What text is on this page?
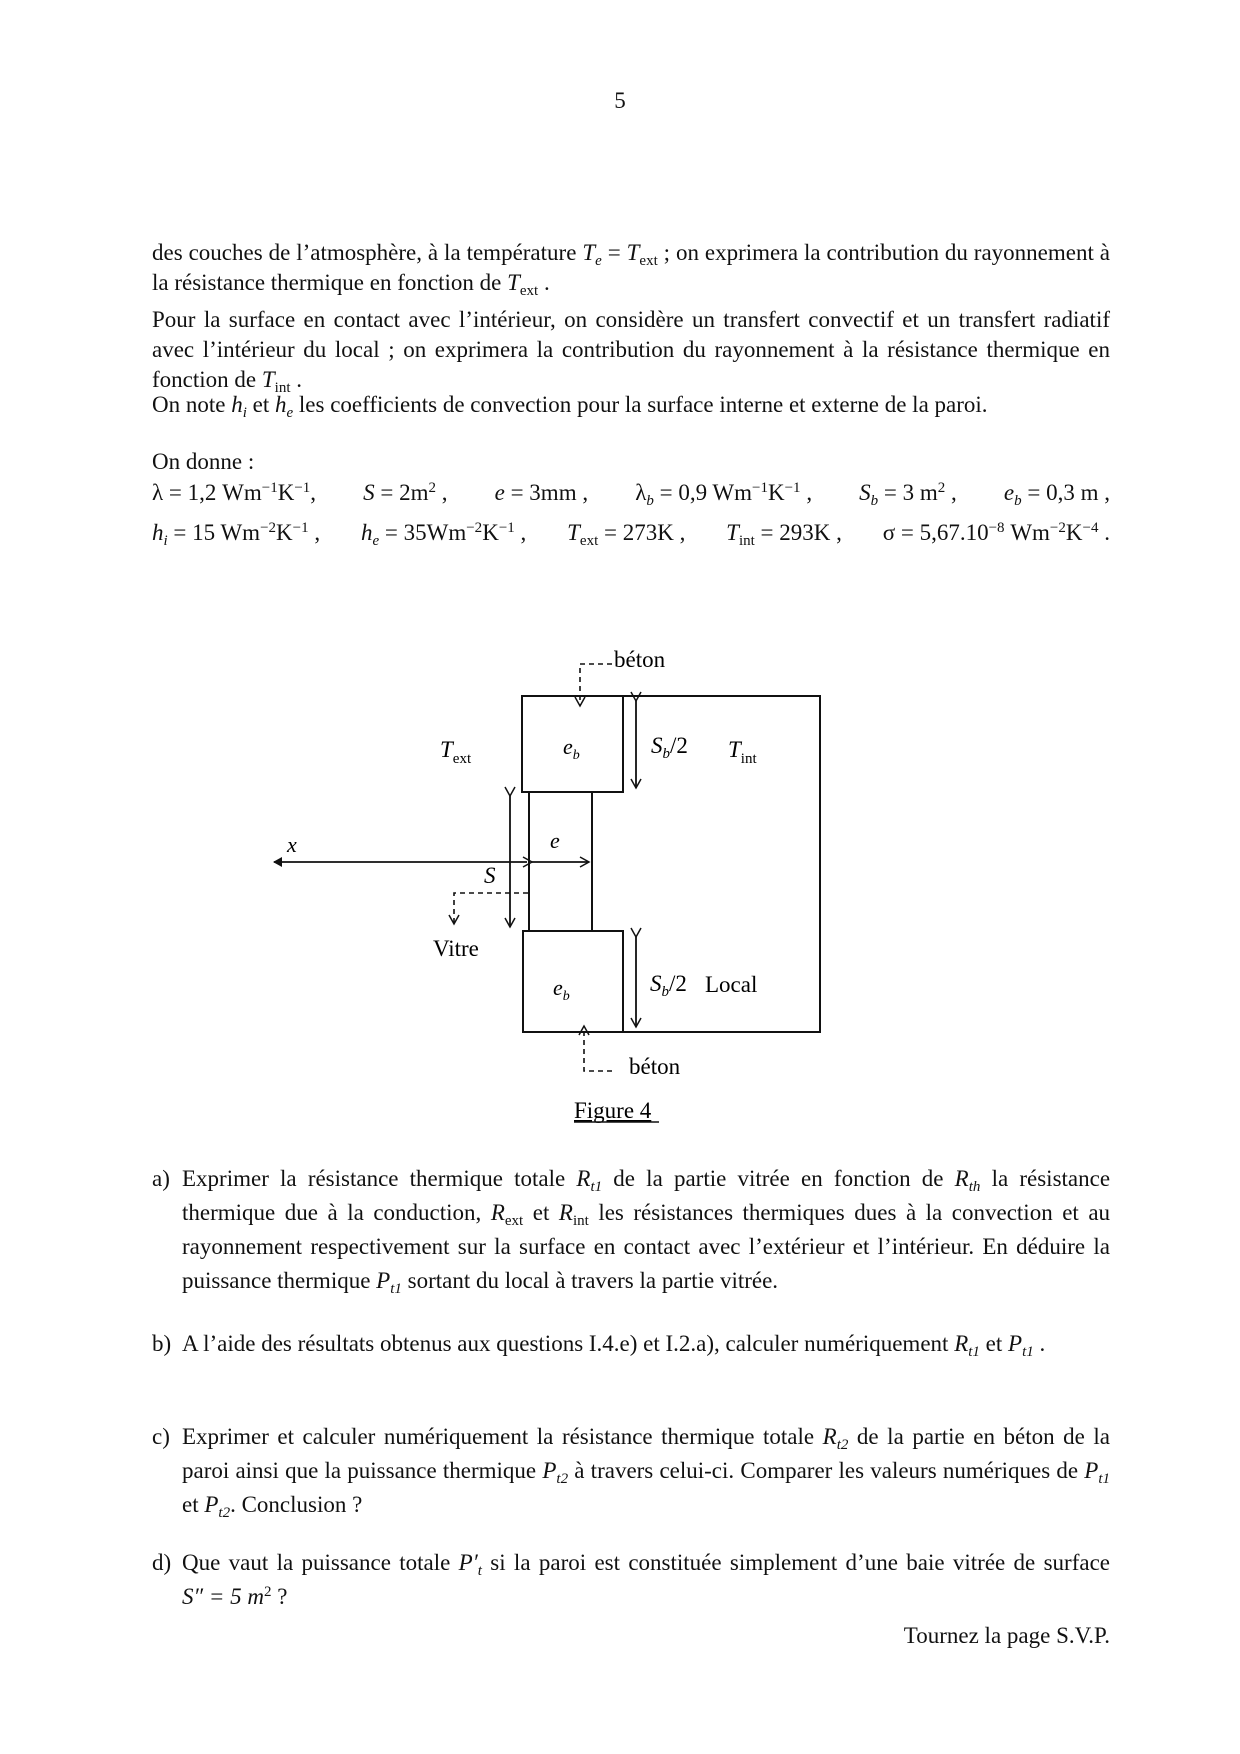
5
des couches de l’atmosphère, à la température $T_e = T_{ext}$ ; on exprimera la contribution du rayonnement à la résistance thermique en fonction de $T_{ext}$ .
Pour la surface en contact avec l’intérieur, on considère un transfert convectif et un transfert radiatif avec l’intérieur du local ; on exprimera la contribution du rayonnement à la résistance thermique en fonction de $T_{int}$ .
On note $h_i$ et $h_e$ les coefficients de convection pour la surface interne et externe de la paroi.
On donne :
λ = 1,2 $Wm^{-1}K^{-1}$, $S = 2m^2$ , e = 3mm , $\lambda_b = 0,9$ $Wm^{-1}K^{-1}$ , $S_b = 3$ $m^2$ , $e_b = 0,3$ m ,
$h_i = 15$ $Wm^{-2}K^{-1}$ , $h_e = 35Wm^{-2}K^{-1}$ , $T_{ext} = 273K$ , $T_{int} = 293K$ , $\sigma = 5,67.10^{-8}$ $Wm^{-2}K^{-4}$ .
x
S
e
$S_b/2$
$S_b/2$
$e_b$
$e_b$
$T_{ext}$	$T_{int}$
béton
béton
Vitre
Local
Figure 4
a) Exprimer la résistance thermique totale $R_{t1}$ de la partie vitrée en fonction de $R_{th}$ la résistance thermique due à la conduction, $R_{ext}$ et $R_{int}$ les résistances thermiques dues à la convection et au rayonnement respectivement sur la surface en contact avec l’extérieur et l’intérieur. En déduire la puissance thermique $P_{t1}$ sortant du local à travers la partie vitrée.
b) A l’aide des résultats obtenus aux questions I.4.e) et I.2.a), calculer numériquement $R_{t1}$ et $P_{t1}$ .
c) Exprimer et calculer numériquement la résistance thermique totale $R_{t2}$ de la partie en béton de la paroi ainsi que la puissance thermique $P_{t2}$ à travers celui-ci. Comparer les valeurs numériques de $P_{t1}$ et $P_{t2}$. Conclusion ?
d) Que vaut la puissance totale $P'_t$ si la paroi est constituée simplement d’une baie vitrée de surface S″ = 5 $m^2$ ?
Tournez la page S.V.P.
